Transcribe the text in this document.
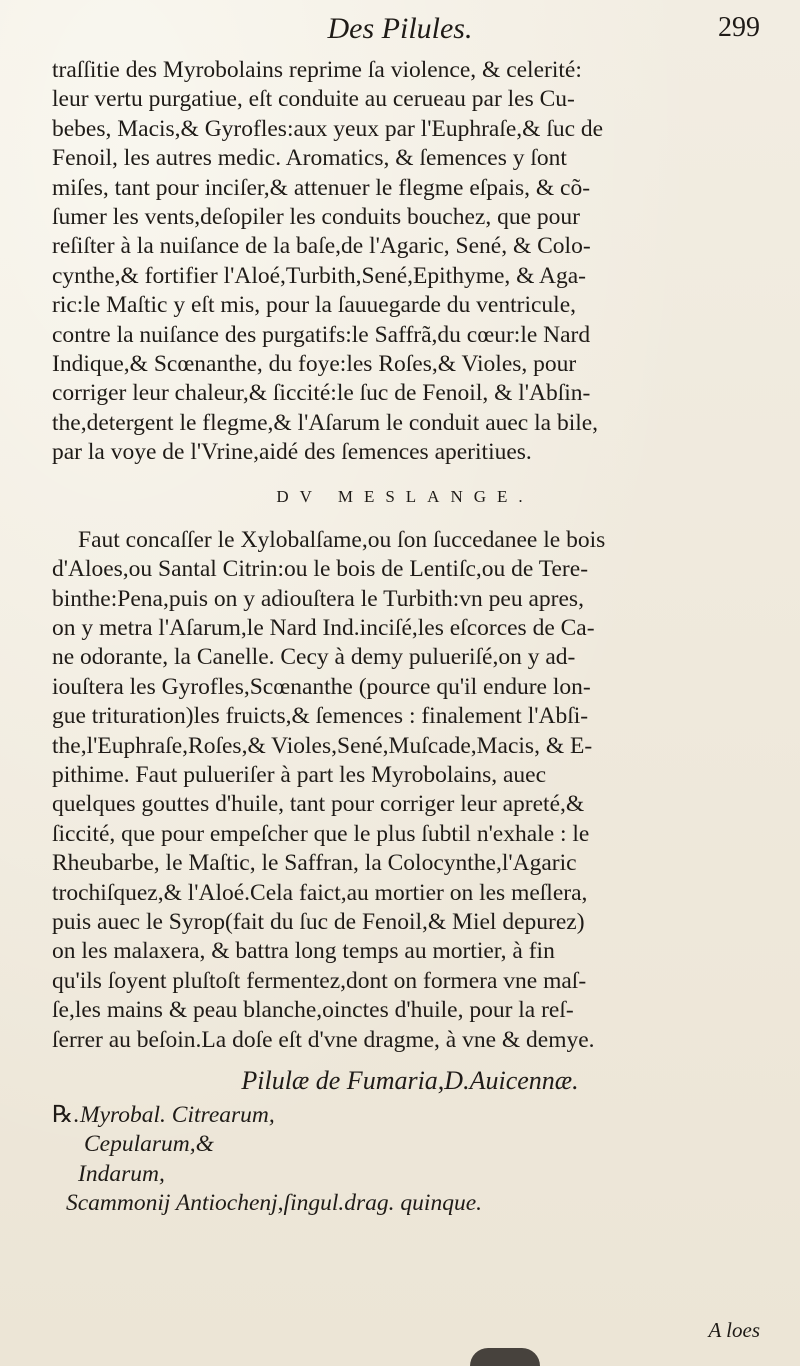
Des Pilules.	299
traſſitie des Myrobolains reprime ſa violence, & celerité:
leur vertu purgatiue, eſt conduite au cerueau par les Cu-
bebes, Macis,& Gyrofles:aux yeux par l'Euphraſe,& ſuc de
Fenoil, les autres medic. Aromatics, & ſemences y ſont
miſes, tant pour inciſer,& attenuer le flegme eſpais, & cõ-
ſumer les vents,deſopiler les conduits bouchez, que pour
reſiſter à la nuiſance de la baſe,de l'Agaric, Sené, & Colo-
cynthe,& fortifier l'Aloé,Turbith,Sené,Epithyme, & Aga-
ric:le Maſtic y eſt mis, pour la ſauuegarde du ventricule,
contre la nuiſance des purgatifs:le Saffrã,du cœur:le Nard
Indique,& Scœnanthe, du foye:les Roſes,& Violes, pour
corriger leur chaleur,& ſiccité:le ſuc de Fenoil, & l'Abſin-
the,detergent le flegme,& l'Aſarum le conduit auec la bile,
par la voye de l'Vrine,aidé des ſemences aperitiues.
DV MESLANGE.
Faut concaſſer le Xylobalſame,ou ſon ſuccedanee le bois
d'Aloes,ou Santal Citrin:ou le bois de Lentiſc,ou de Tere-
binthe:Pena,puis on y adiouſtera le Turbith:vn peu apres,
on y metra l'Aſarum,le Nard Ind.inciſé,les eſcorces de Ca-
ne odorante, la Canelle. Cecy à demy pulueriſé,on y ad-
iouſtera les Gyrofles,Scœnanthe (pource qu'il endure lon-
gue trituration)les fruicts,& ſemences : finalement l'Abſi-
the,l'Euphraſe,Roſes,& Violes,Sené,Muſcade,Macis, & E-
pithime. Faut pulueriſer à part les Myrobolains, auec
quelques gouttes d'huile, tant pour corriger leur apreté,&
ſiccité, que pour empeſcher que le plus ſubtil n'exhale : le
Rheubarbe, le Maſtic, le Saffran, la Colocynthe,l'Agaric
trochiſquez,& l'Aloé.Cela faict,au mortier on les meſlera,
puis auec le Syrop(fait du ſuc de Fenoil,& Miel depurez)
on les malaxera, & battra long temps au mortier, à fin
qu'ils ſoyent pluſtoſt fermentez,dont on formera vne maſ-
ſe,les mains & peau blanche,oinctes d'huile, pour la reſ-
ſerrer au beſoin.La doſe eſt d'vne dragme, à vne & demye.
Pilulæ de Fumaria,D.Auicennæ.
℞.Myrobal. Citrearum,
Cepularum,&
Indarum,
Scammonij Antiochenj,ſingul.drag. quinque.
A loes
